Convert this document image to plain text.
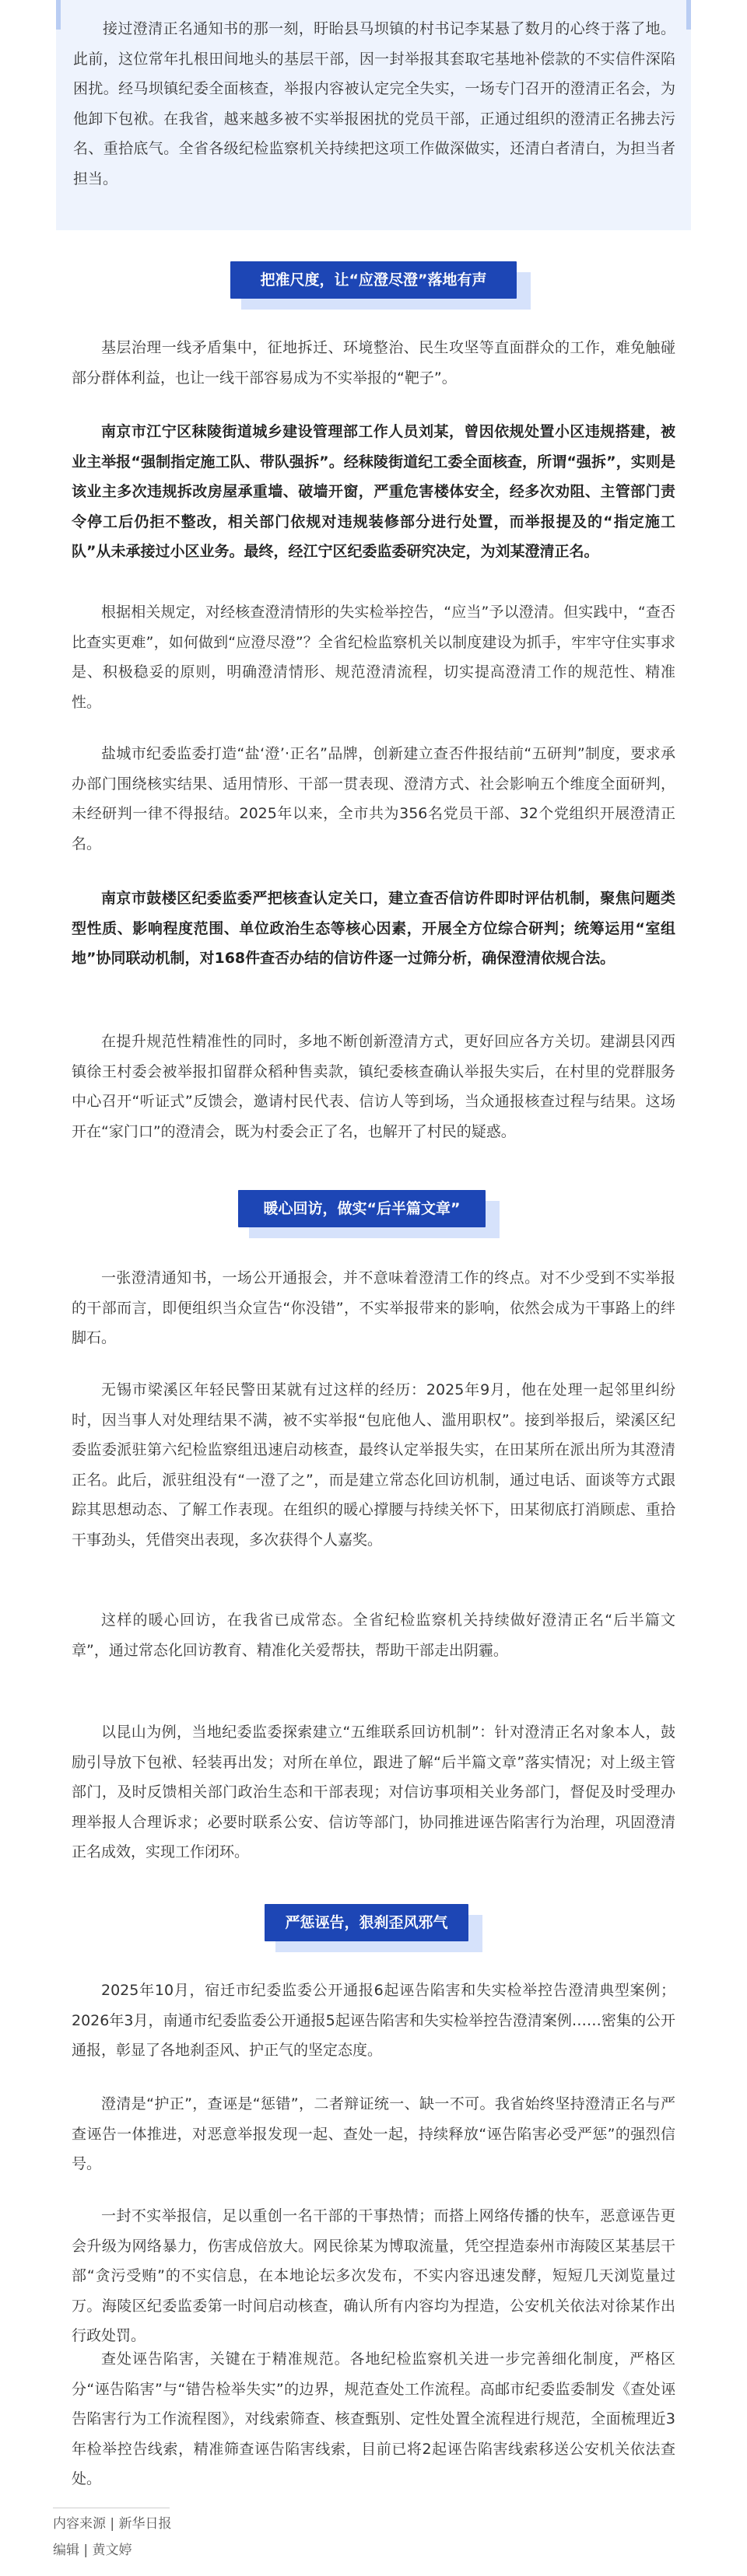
接过澄清正名通知书的那一刻，盱眙县马坝镇的村书记李某悬了数月的心终于落了地。此前，这位常年扎根田间地头的基层干部，因一封举报其套取宅基地补偿款的不实信件深陷困扰。经马坝镇纪委全面核查，举报内容被认定完全失实，一场专门召开的澄清正名会，为他卸下包袱。在我省，越来越多被不实举报困扰的党员干部，正通过组织的澄清正名拂去污名、重拾底气。全省各级纪检监察机关持续把这项工作做深做实，还清白者清白，为担当者担当。

把准尺度，让“应澄尽澄”落地有声

基层治理一线矛盾集中，征地拆迁、环境整治、民生攻坚等直面群众的工作，难免触碰部分群体利益，也让一线干部容易成为不实举报的“靶子”。

南京市江宁区秣陵街道城乡建设管理部工作人员刘某，曾因依规处置小区违规搭建，被业主举报“强制指定施工队、带队强拆”。经秣陵街道纪工委全面核查，所谓“强拆”，实则是该业主多次违规拆改房屋承重墙、破墙开窗，严重危害楼体安全，经多次劝阻、主管部门责令停工后仍拒不整改，相关部门依规对违规装修部分进行处置，而举报提及的“指定施工队”从未承接过小区业务。最终，经江宁区纪委监委研究决定，为刘某澄清正名。

根据相关规定，对经核查澄清情形的失实检举控告，“应当”予以澄清。但实践中，“查否比查实更难”，如何做到“应澄尽澄”？全省纪检监察机关以制度建设为抓手，牢牢守住实事求是、积极稳妥的原则，明确澄清情形、规范澄清流程，切实提高澄清工作的规范性、精准性。

盐城市纪委监委打造“盐‘澄’·正名”品牌，创新建立查否件报结前“五研判”制度，要求承办部门围绕核实结果、适用情形、干部一贯表现、澄清方式、社会影响五个维度全面研判，未经研判一律不得报结。2025年以来，全市共为356名党员干部、32个党组织开展澄清正名。

南京市鼓楼区纪委监委严把核查认定关口，建立查否信访件即时评估机制，聚焦问题类型性质、影响程度范围、单位政治生态等核心因素，开展全方位综合研判；统筹运用“室组地”协同联动机制，对168件查否办结的信访件逐一过筛分析，确保澄清依规合法。

在提升规范性精准性的同时，多地不断创新澄清方式，更好回应各方关切。建湖县冈西镇徐王村委会被举报扣留群众稻种售卖款，镇纪委核查确认举报失实后，在村里的党群服务中心召开“听证式”反馈会，邀请村民代表、信访人等到场，当众通报核查过程与结果。这场开在“家门口”的澄清会，既为村委会正了名，也解开了村民的疑惑。

暖心回访，做实“后半篇文章”

一张澄清通知书，一场公开通报会，并不意味着澄清工作的终点。对不少受到不实举报的干部而言，即便组织当众宣告“你没错”，不实举报带来的影响，依然会成为干事路上的绊脚石。

无锡市梁溪区年轻民警田某就有过这样的经历：2025年9月，他在处理一起邻里纠纷时，因当事人对处理结果不满，被不实举报“包庇他人、滥用职权”。接到举报后，梁溪区纪委监委派驻第六纪检监察组迅速启动核查，最终认定举报失实，在田某所在派出所为其澄清正名。此后，派驻组没有“一澄了之”，而是建立常态化回访机制，通过电话、面谈等方式跟踪其思想动态、了解工作表现。在组织的暖心撑腰与持续关怀下，田某彻底打消顾虑、重拾干事劲头，凭借突出表现，多次获得个人嘉奖。

这样的暖心回访，在我省已成常态。全省纪检监察机关持续做好澄清正名“后半篇文章”，通过常态化回访教育、精准化关爱帮扶，帮助干部走出阴霾。

以昆山为例，当地纪委监委探索建立“五维联系回访机制”：针对澄清正名对象本人，鼓励引导放下包袱、轻装再出发；对所在单位，跟进了解“后半篇文章”落实情况；对上级主管部门，及时反馈相关部门政治生态和干部表现；对信访事项相关业务部门，督促及时受理办理举报人合理诉求；必要时联系公安、信访等部门，协同推进诬告陷害行为治理，巩固澄清正名成效，实现工作闭环。

严惩诬告，狠刹歪风邪气

2025年10月，宿迁市纪委监委公开通报6起诬告陷害和失实检举控告澄清典型案例；2026年3月，南通市纪委监委公开通报5起诬告陷害和失实检举控告澄清案例……密集的公开通报，彰显了各地刹歪风、护正气的坚定态度。

澄清是“护正”，查诬是“惩错”，二者辩证统一、缺一不可。我省始终坚持澄清正名与严查诬告一体推进，对恶意举报发现一起、查处一起，持续释放“诬告陷害必受严惩”的强烈信号。

一封不实举报信，足以重创一名干部的干事热情；而搭上网络传播的快车，恶意诬告更会升级为网络暴力，伤害成倍放大。网民徐某为博取流量，凭空捏造泰州市海陵区某基层干部“贪污受贿”的不实信息，在本地论坛多次发布，不实内容迅速发酵，短短几天浏览量过万。海陵区纪委监委第一时间启动核查，确认所有内容均为捏造，公安机关依法对徐某作出行政处罚。

查处诬告陷害，关键在于精准规范。各地纪检监察机关进一步完善细化制度，严格区分“诬告陷害”与“错告检举失实”的边界，规范查处工作流程。高邮市纪委监委制发《查处诬告陷害行为工作流程图》，对线索筛查、核查甄别、定性处置全流程进行规范，全面梳理近3年检举控告线索，精准筛查诬告陷害线索，目前已将2起诬告陷害线索移送公安机关依法查处。

内容来源 | 新华日报
编辑 | 黄文婷
